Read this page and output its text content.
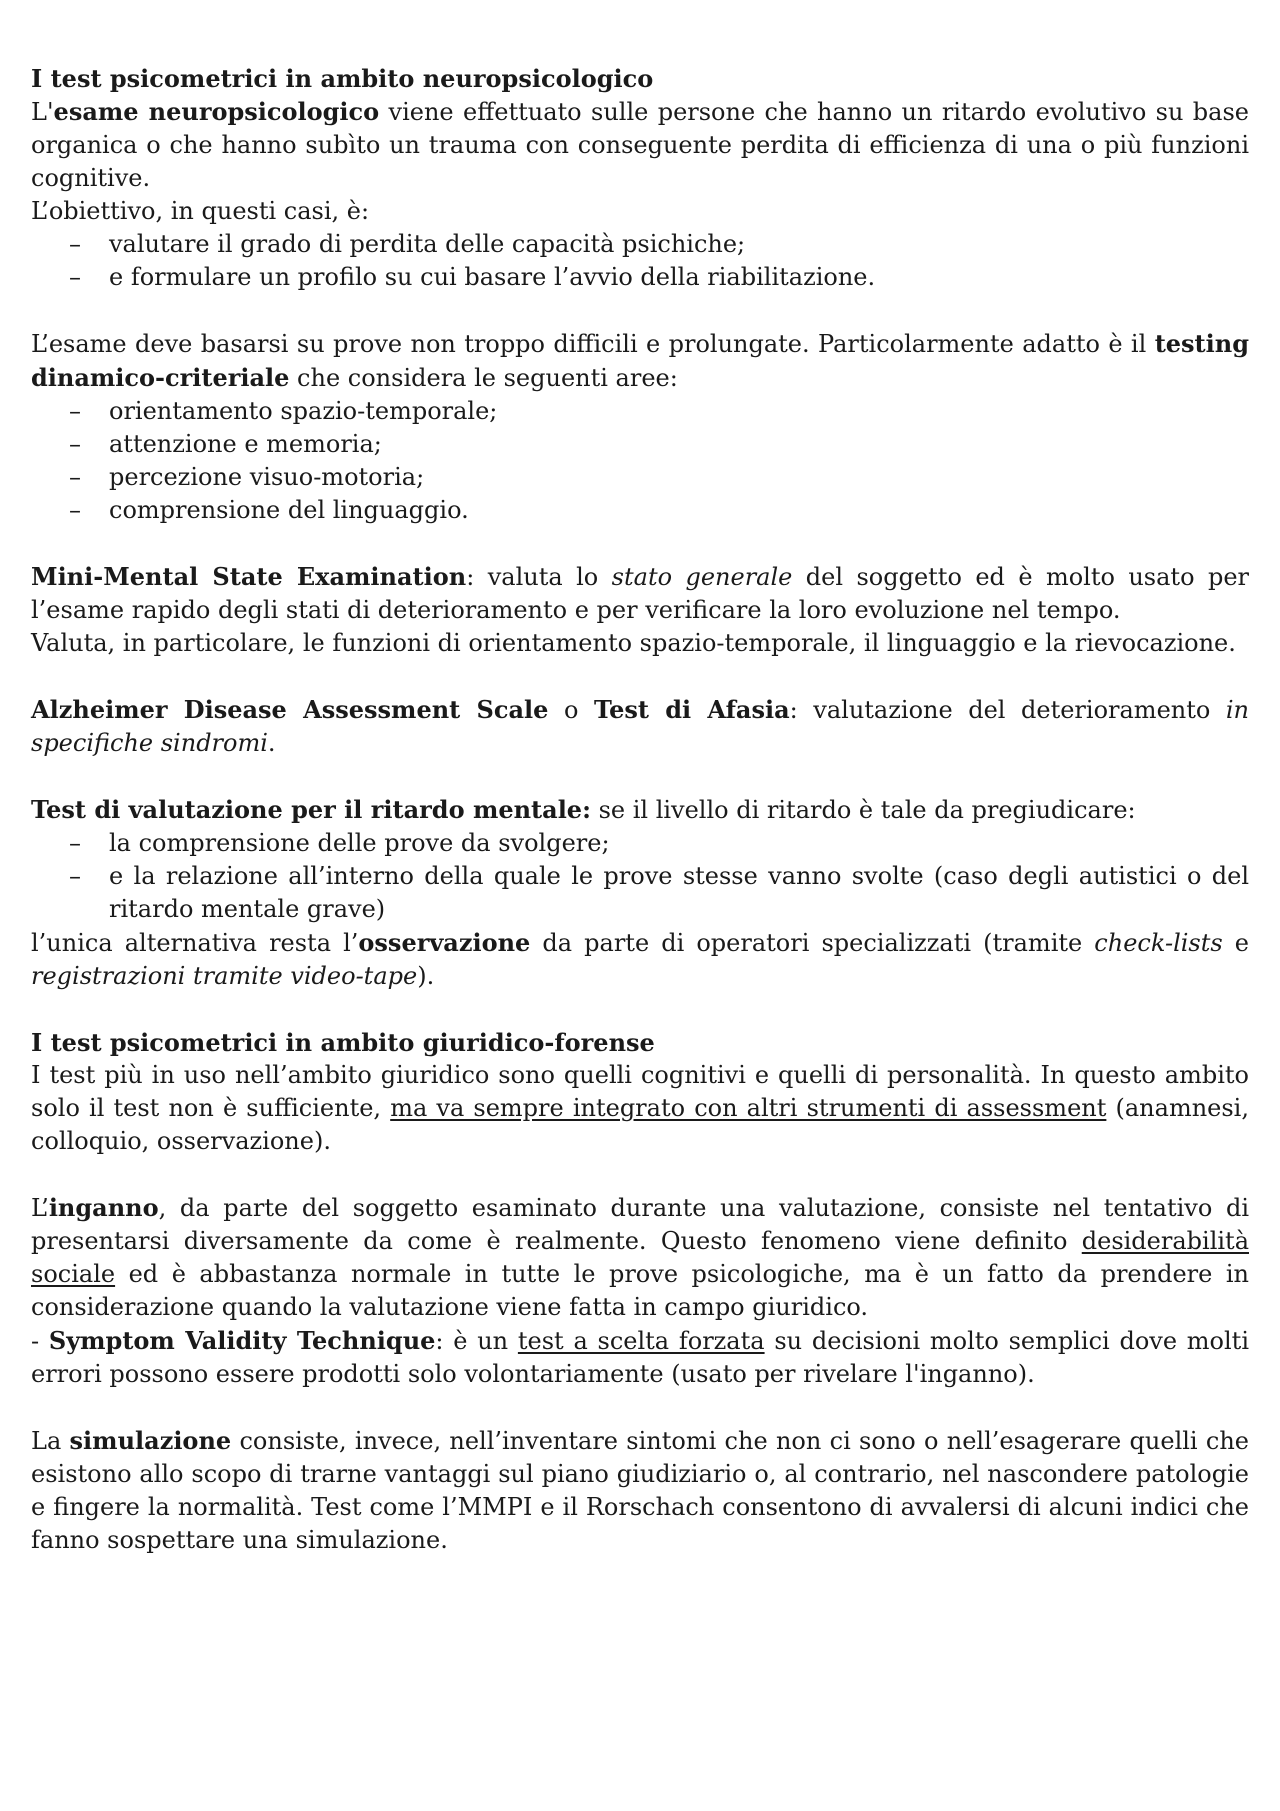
I test psicometrici in ambito neuropsicologico

L'esame neuropsicologico viene effettuato sulle persone che hanno un ritardo evolutivo su base organica o che hanno subìto un trauma con conseguente perdita di efficienza di una o più funzioni cognitive.

L’obiettivo, in questi casi, è:

– valutare il grado di perdita delle capacità psichiche;
– e formulare un profilo su cui basare l’avvio della riabilitazione.

L’esame deve basarsi su prove non troppo difficili e prolungate. Particolarmente adatto è il testing dinamico-criteriale che considera le seguenti aree:

– orientamento spazio-temporale;
– attenzione e memoria;
– percezione visuo-motoria;
– comprensione del linguaggio.

Mini-Mental State Examination: valuta lo stato generale del soggetto ed è molto usato per l’esame rapido degli stati di deterioramento e per verificare la loro evoluzione nel tempo.

Valuta, in particolare, le funzioni di orientamento spazio-temporale, il linguaggio e la rievocazione.

Alzheimer Disease Assessment Scale o Test di Afasia: valutazione del deterioramento in specifiche sindromi.

Test di valutazione per il ritardo mentale: se il livello di ritardo è tale da pregiudicare:

– la comprensione delle prove da svolgere;
– e la relazione all’interno della quale le prove stesse vanno svolte (caso degli autistici o del ritardo mentale grave)

l’unica alternativa resta l’osservazione da parte di operatori specializzati (tramite check-lists e registrazioni tramite video-tape).

I test psicometrici in ambito giuridico-forense

I test più in uso nell’ambito giuridico sono quelli cognitivi e quelli di personalità. In questo ambito solo il test non è sufficiente, ma va sempre integrato con altri strumenti di assessment (anamnesi, colloquio, osservazione).

L’inganno, da parte del soggetto esaminato durante una valutazione, consiste nel tentativo di presentarsi diversamente da come è realmente. Questo fenomeno viene definito desiderabilità sociale ed è abbastanza normale in tutte le prove psicologiche, ma è un fatto da prendere in considerazione quando la valutazione viene fatta in campo giuridico.

- Symptom Validity Technique: è un test a scelta forzata su decisioni molto semplici dove molti errori possono essere prodotti solo volontariamente (usato per rivelare l'inganno).

La simulazione consiste, invece, nell’inventare sintomi che non ci sono o nell’esagerare quelli che esistono allo scopo di trarne vantaggi sul piano giudiziario o, al contrario, nel nascondere patologie e fingere la normalità. Test come l’MMPI e il Rorschach consentono di avvalersi di alcuni indici che fanno sospettare una simulazione.
